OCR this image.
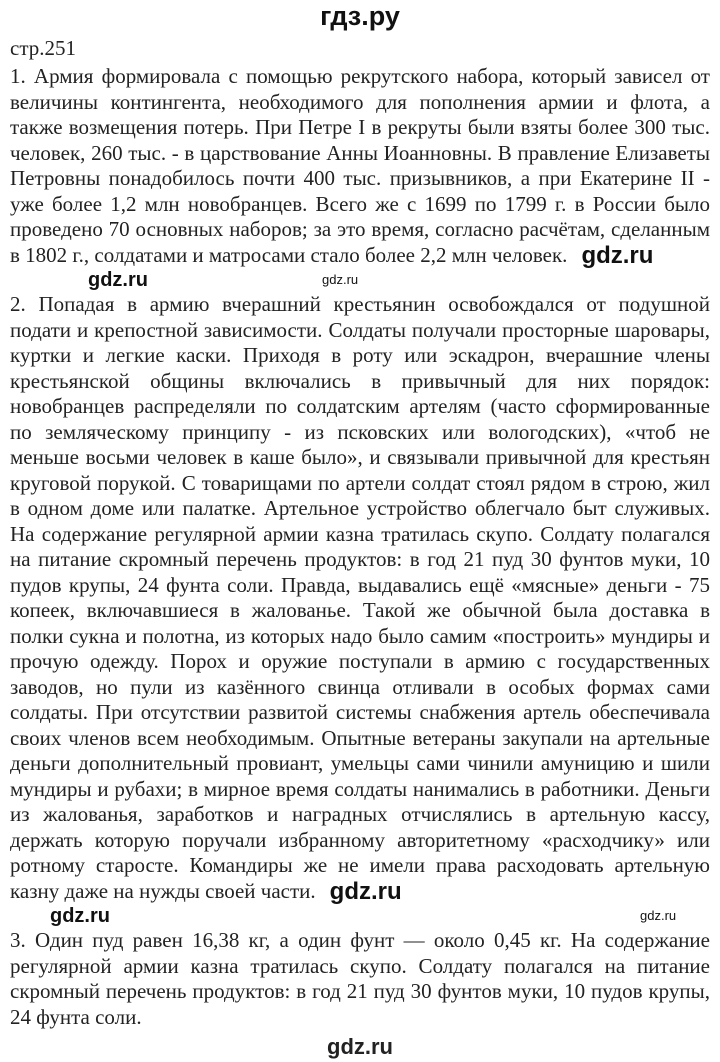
гдз.ру
стр.251
1. Армия формировала с помощью рекрутского набора, который зависел от
величины контингента, необходимого для пополнения армии и флота, а
также возмещения потерь. При Петре I в рекруты были взяты более 300 тыс.
человек, 260 тыс. - в царствование Анны Иоанновны. В правление Елизаветы
Петровны понадобилось почти 400 тыс. призывников, а при Екатерине II -
уже более 1,2 млн новобранцев. Всего же с 1699 по 1799 г. в России было
проведено 70 основных наборов; за это время, согласно расчётам, сделанным
в 1802 г., солдатами и матросами стало более 2,2 млн человек. gdz.ru
gdz.ru	gdz.ru
2. Попадая в армию вчерашний крестьянин освобождался от подушной
подати и крепостной зависимости. Солдаты получали просторные шаровары,
куртки и легкие каски. Приходя в роту или эскадрон, вчерашние члены
крестьянской общины включались в привычный для них порядок:
новобранцев распределяли по солдатским артелям (часто сформированные
по земляческому принципу - из псковских или вологодских), «чтоб не
меньше восьми человек в каше было», и связывали привычной для крестьян
круговой порукой. С товарищами по артели солдат стоял рядом в строю, жил
в одном доме или палатке. Артельное устройство облегчало быт служивых.
На содержание регулярной армии казна тратилась скупо. Солдату полагался
на питание скромный перечень продуктов: в год 21 пуд 30 фунтов муки, 10
пудов крупы, 24 фунта соли. Правда, выдавались ещё «мясные» деньги - 75
копеек, включавшиеся в жалованье. Такой же обычной была доставка в
полки сукна и полотна, из которых надо было самим «построить» мундиры и
прочую одежду. Порох и оружие поступали в армию с государственных
заводов, но пули из казённого свинца отливали в особых формах сами
солдаты. При отсутствии развитой системы снабжения артель обеспечивала
своих членов всем необходимым. Опытные ветераны закупали на артельные
деньги дополнительный провиант, умельцы сами чинили амуницию и шили
мундиры и рубахи; в мирное время солдаты нанимались в работники. Деньги
из жалованья, заработков и наградных отчислялись в артельную кассу,
держать которую поручали избранному авторитетному «расходчику» или
ротному старосте. Командиры же не имели права расходовать артельную
казну даже на нужды своей части. gdz.ru
gdz.ru	gdz.ru
3. Один пуд равен 16,38 кг, а один фунт — около 0,45 кг. На содержание
регулярной армии казна тратилась скупо. Солдату полагался на питание
скромный перечень продуктов: в год 21 пуд 30 фунтов муки, 10 пудов крупы,
24 фунта соли.
gdz.ru
